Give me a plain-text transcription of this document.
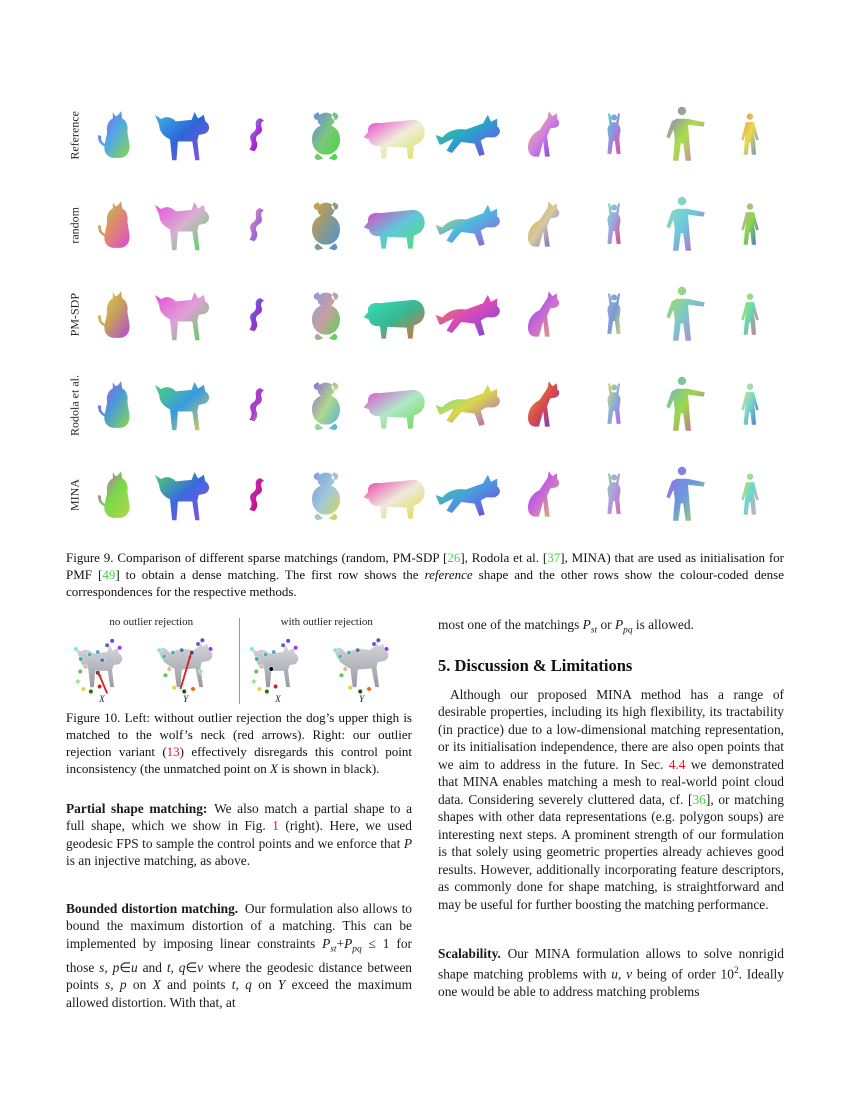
Reference
random
PM-SDP
Rodola et al.
MINA

Figure 9. Comparison of different sparse matchings (random, PM-SDP [26], Rodola et al. [37], MINA) that are used as initialisation for PMF [49] to obtain a dense matching. The first row shows the reference shape and the other rows show the colour-coded dense correspondences for the respective methods.

no outlier rejection
X	Y
with outlier rejection
X	Y

Figure 10. Left: without outlier rejection the dog’s upper thigh is matched to the wolf’s neck (red arrows). Right: our outlier rejection variant (13) effectively disregards this control point inconsistency (the unmatched point on X is shown in black).

Partial shape matching: We also match a partial shape to a full shape, which we show in Fig. 1 (right). Here, we used geodesic FPS to sample the control points and we enforce that P is an injective matching, as above.

Bounded distortion matching. Our formulation also allows to bound the maximum distortion of a matching. This can be implemented by imposing linear constraints $P_{st}+P_{pq} \le 1$ for those s, p∈u and t, q∈v where the geodesic distance between points s, p on X and points t, q on Y exceed the maximum allowed distortion. With that, at

most one of the matchings $P_{st}$ or $P_{pq}$ is allowed.

5. Discussion & Limitations

Although our proposed MINA method has a range of desirable properties, including its high flexibility, its tractability (in practice) due to a low-dimensional matching representation, or its initialisation independence, there are also open points that we aim to address in the future. In Sec. 4.4 we demonstrated that MINA enables matching a mesh to real-world point cloud data. Considering severely cluttered data, cf. [36], or matching shapes with other data representations (e.g. polygon soups) are interesting next steps. A prominent strength of our formulation is that solely using geometric properties already achieves good results. However, additionally incorporating feature descriptors, as commonly done for shape matching, is straightforward and may be useful for further boosting the matching performance.

Scalability. Our MINA formulation allows to solve nonrigid shape matching problems with u, v being of order $10^2$. Ideally one would be able to address matching problems
